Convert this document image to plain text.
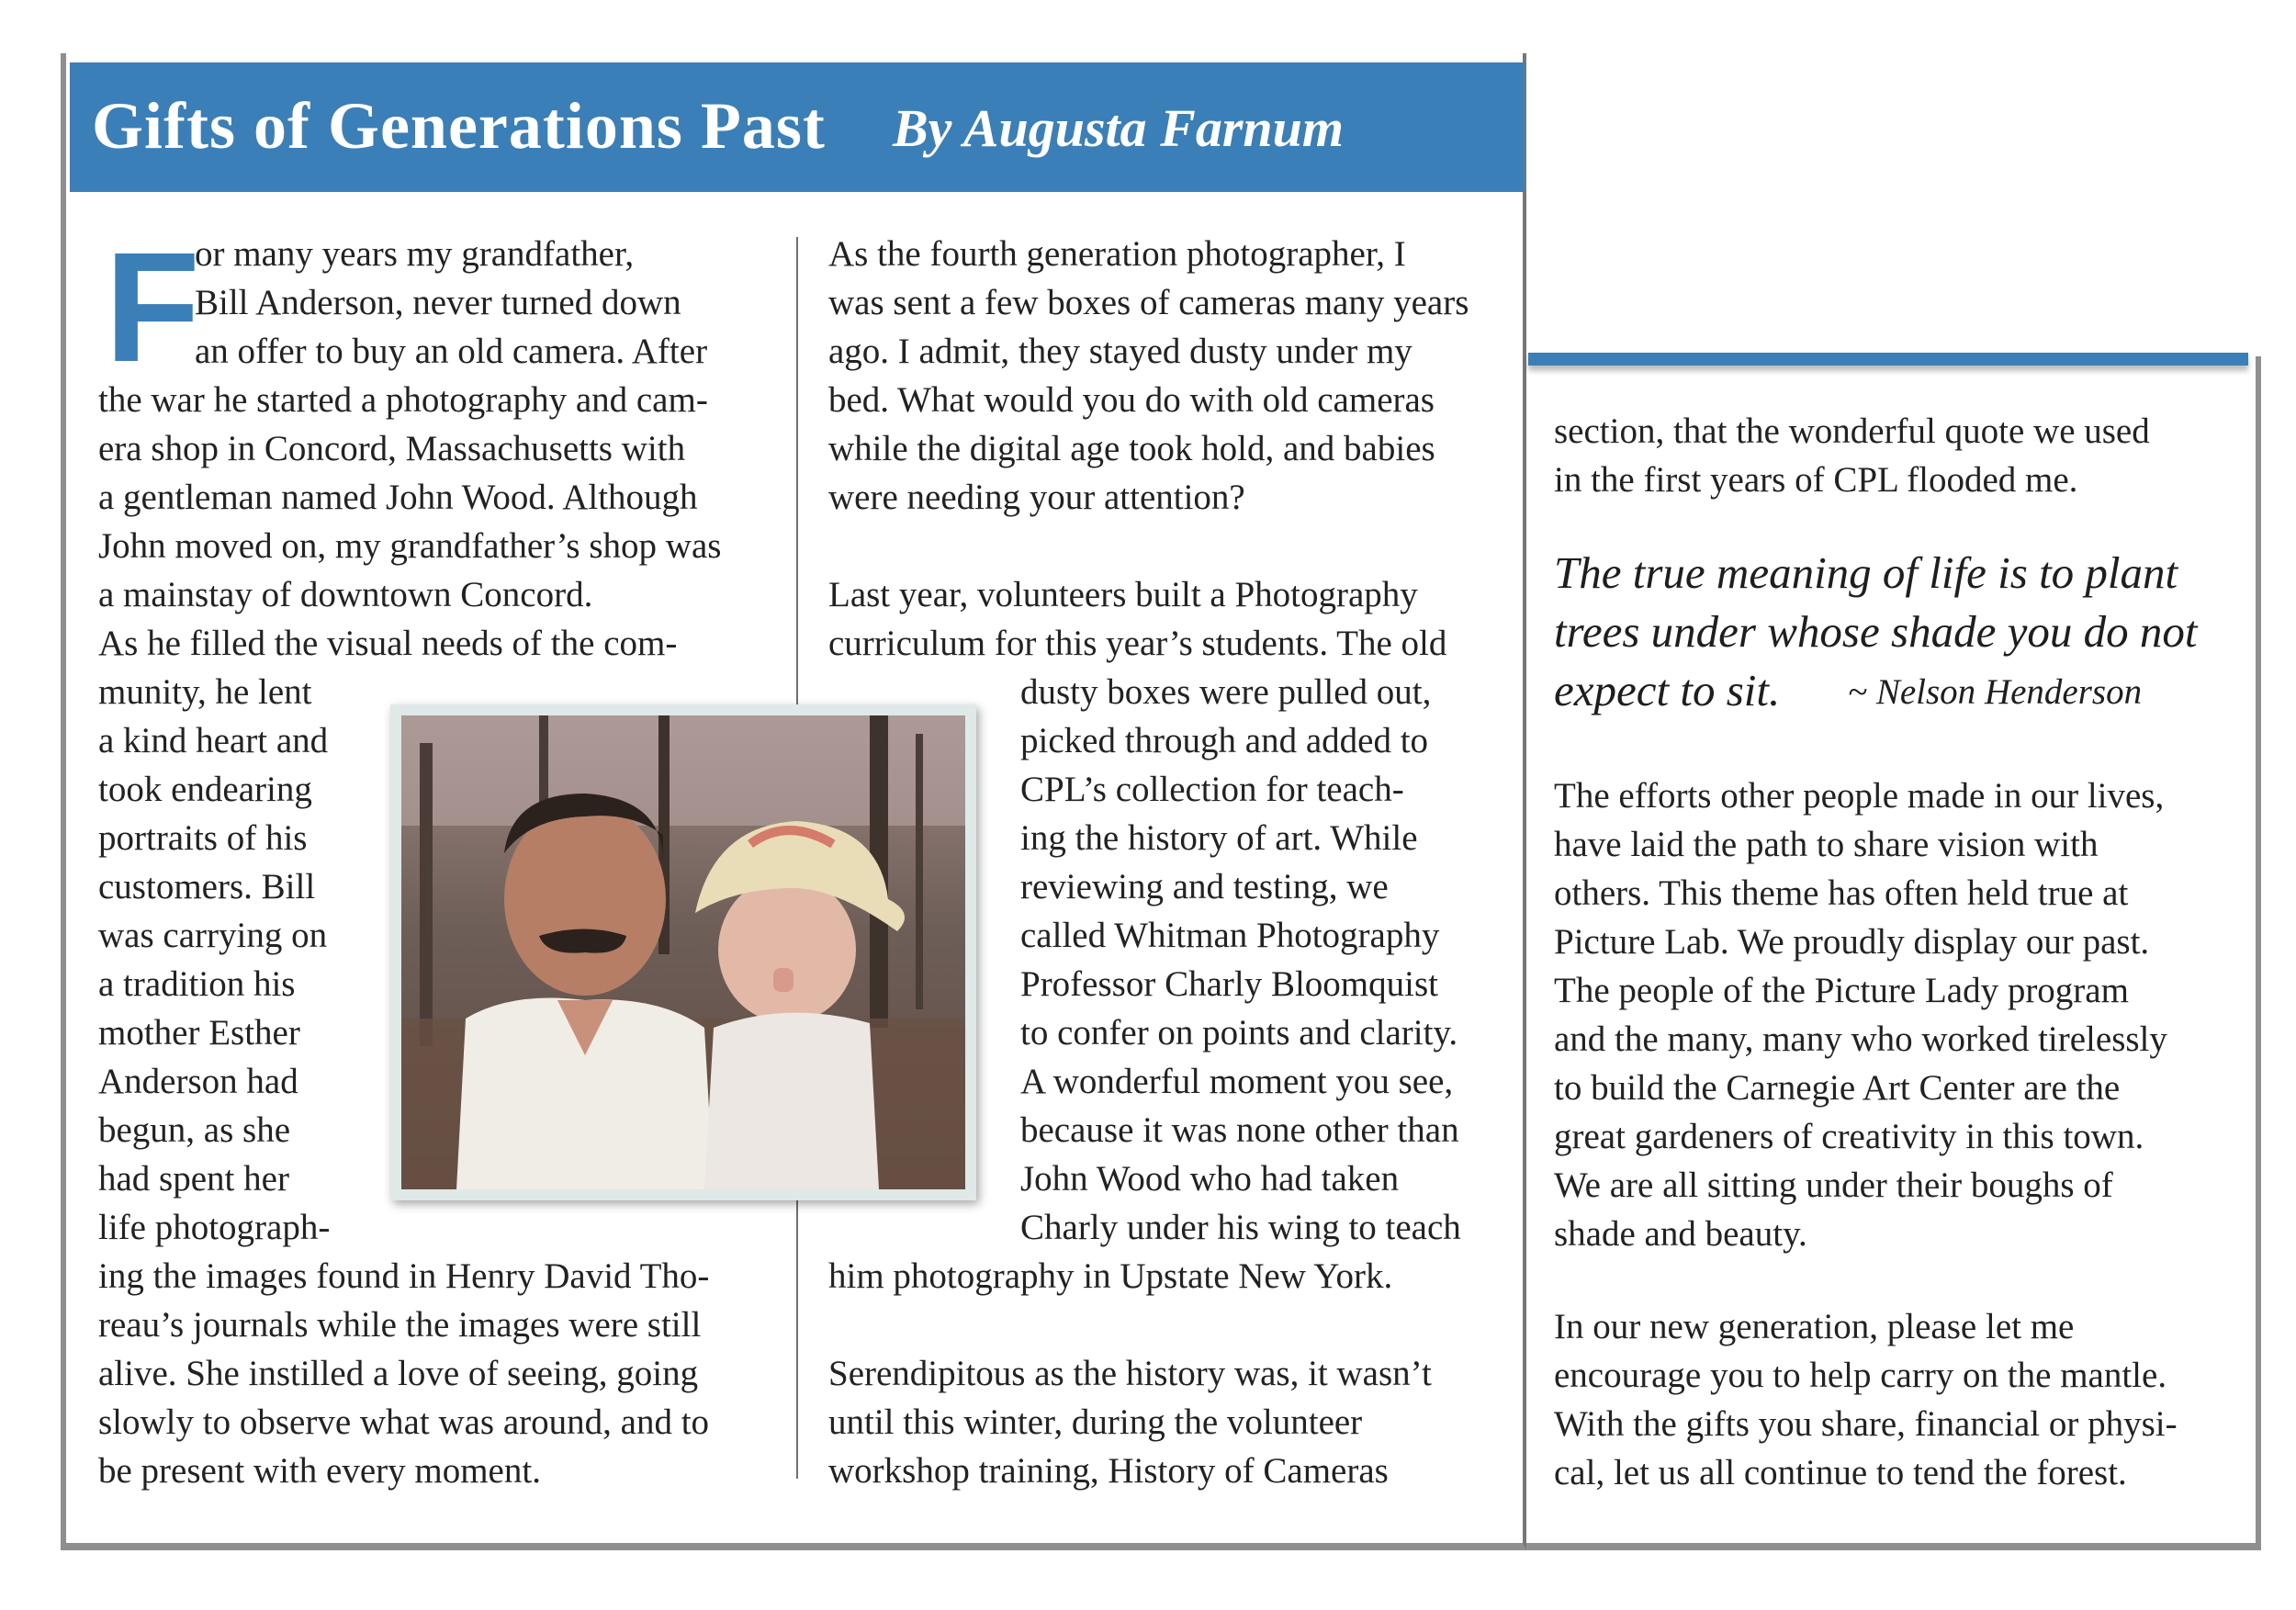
Gifts of Generations Past By Augusta Farnum
F
or many years my grandfather,
Bill Anderson, never turned down
an offer to buy an old camera. After
the war he started a photography and cam-
era shop in Concord, Massachusetts with
a gentleman named John Wood. Although
John moved on, my grandfather’s shop was
a mainstay of downtown Concord.
As he filled the visual needs of the com-
munity, he lent
a kind heart and
took endearing
portraits of his
customers. Bill
was carrying on
a tradition his
mother Esther
Anderson had
begun, as she
had spent her
life photograph-
ing the images found in Henry David Tho-
reau’s journals while the images were still
alive. She instilled a love of seeing, going
slowly to observe what was around, and to
be present with every moment.
As the fourth generation photographer, I
was sent a few boxes of cameras many years
ago. I admit, they stayed dusty under my
bed. What would you do with old cameras
while the digital age took hold, and babies
were needing your attention?
Last year, volunteers built a Photography
curriculum for this year’s students. The old
dusty boxes were pulled out,
picked through and added to
CPL’s collection for teach-
ing the history of art. While
reviewing and testing, we
called Whitman Photography
Professor Charly Bloomquist
to confer on points and clarity.
A wonderful moment you see,
because it was none other than
John Wood who had taken
Charly under his wing to teach
him photography in Upstate New York.
Serendipitous as the history was, it wasn’t
until this winter, during the volunteer
workshop training, History of Cameras
section, that the wonderful quote we used
in the first years of CPL flooded me.
The true meaning of life is to plant
trees under whose shade you do not
expect to sit. ~ Nelson Henderson
The efforts other people made in our lives,
have laid the path to share vision with
others. This theme has often held true at
Picture Lab. We proudly display our past.
The people of the Picture Lady program
and the many, many who worked tirelessly
to build the Carnegie Art Center are the
great gardeners of creativity in this town.
We are all sitting under their boughs of
shade and beauty.
In our new generation, please let me
encourage you to help carry on the mantle.
With the gifts you share, financial or physi-
cal, let us all continue to tend the forest.
